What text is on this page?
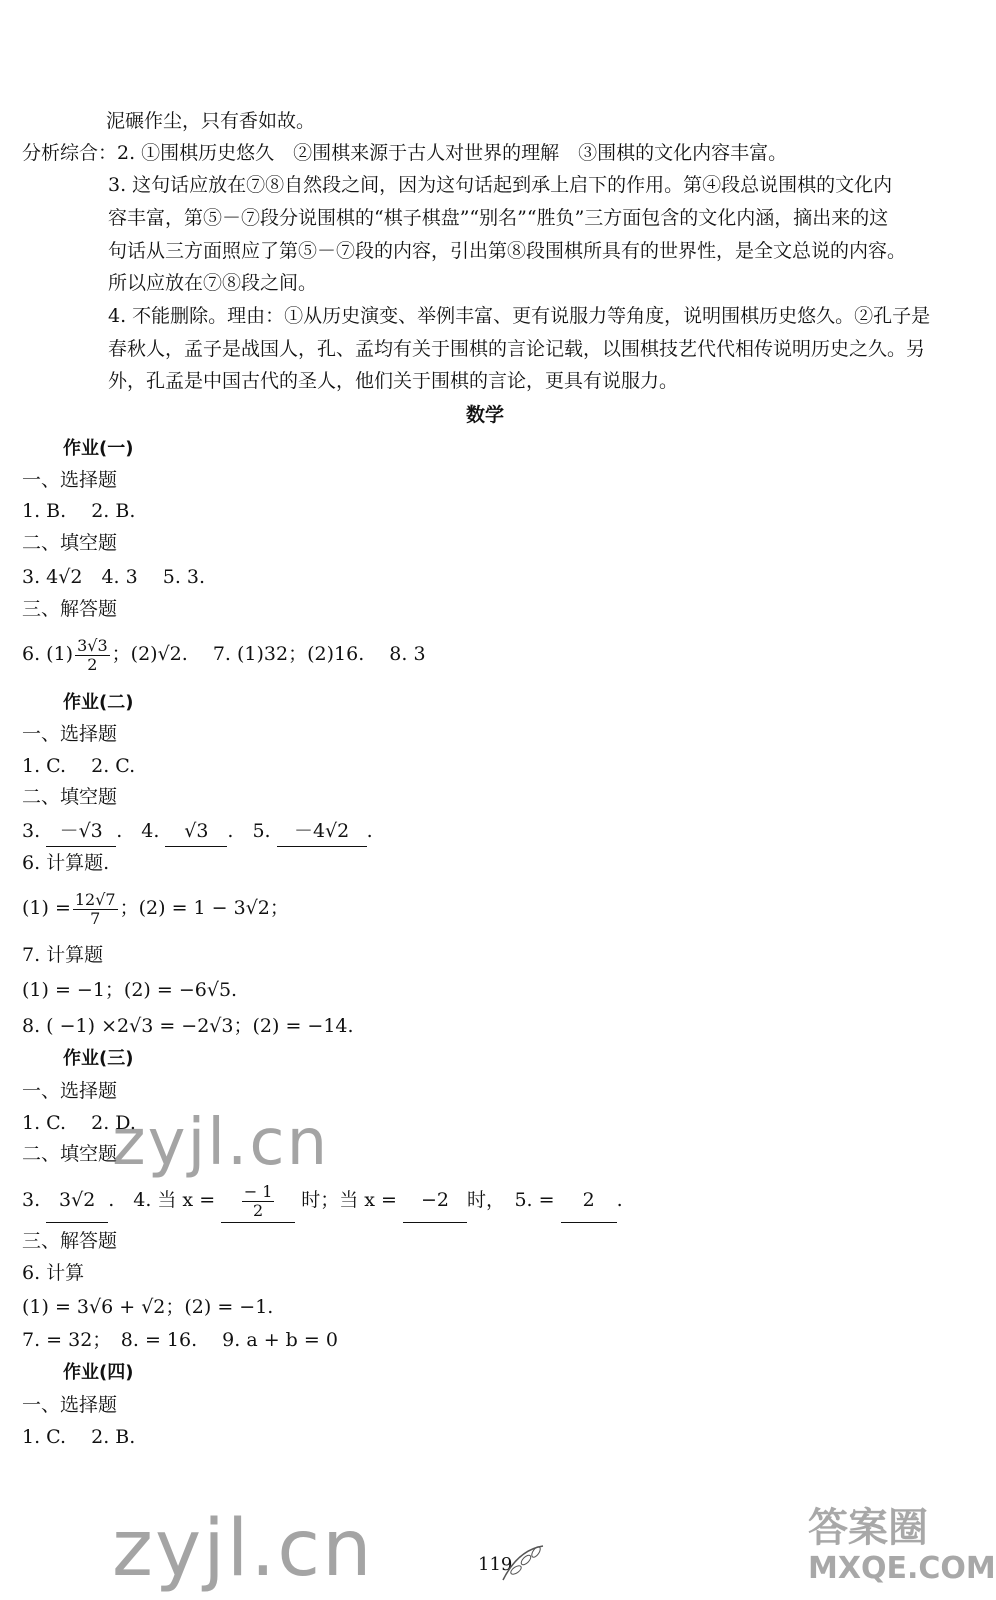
泥碾作尘，只有香如故。
分析综合：2. ①围棋历史悠久　②围棋来源于古人对世界的理解　③围棋的文化内容丰富。
3. 这句话应放在⑦⑧自然段之间，因为这句话起到承上启下的作用。第④段总说围棋的文化内
容丰富，第⑤－⑦段分说围棋的“棋子棋盘”“别名”“胜负”三方面包含的文化内涵，摘出来的这
句话从三方面照应了第⑤－⑦段的内容，引出第⑧段围棋所具有的世界性，是全文总说的内容。
所以应放在⑦⑧段之间。
4. 不能删除。理由：①从历史演变、举例丰富、更有说服力等角度，说明围棋历史悠久。②孔子是
春秋人，孟子是战国人，孔、孟均有关于围棋的言论记载，以围棋技艺代代相传说明历史之久。另
外，孔孟是中国古代的圣人，他们关于围棋的言论，更具有说服力。
数学
作业(一)
一、选择题
1. B.　 2. B.
二、填空题
3. 4√2　4. 3　 5. 3.
三、解答题
6. $(1) \frac{3√3}{2}$ ；(2)√2.　 7. (1)32；(2)16.　 8. 3
作业(二)
一、选择题
1. C.　 2. C.
二、填空题
3. －√3 .　4. √3 .　5. －4√2 .
6. 计算题.
$(1) = \frac{12√7}{7}$ ；(2) = 1 − 3√2；
7. 计算题
(1) = −1；(2) = −6√5.
8. ( −1) ×2√3 = −2√3；(2) = −14.
作业(三)
一、选择题
1. C.　 2. D.
二、填空题
3. 3√2 .　4. 当 $x = \frac{- 1}{2}$ 时；当 x = −2 时，　5. = 2 .
三、解答题
6. 计算
(1) = 3√6 + √2；(2) = −1.
7. = 32；　8. = 16.　 9. a + b = 0
作业(四)
一、选择题
1. C.　 2. B.
zyjl.cn
zyjl.cn	答案圈
MXQE.COM
119
